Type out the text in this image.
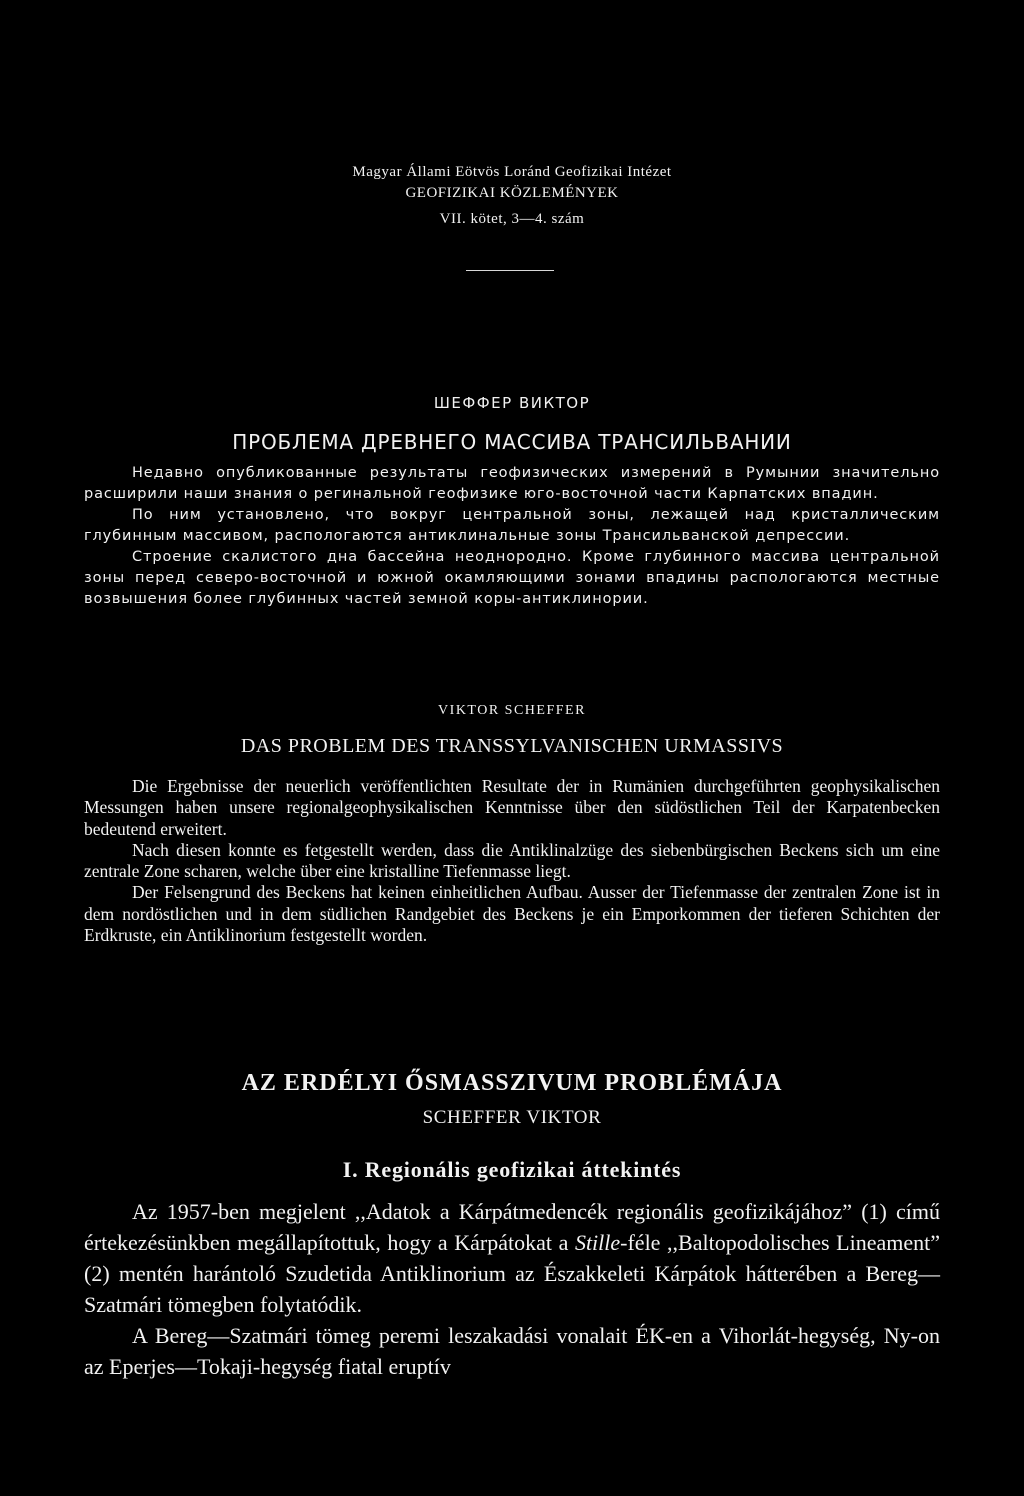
Magyar Állami Eötvös Loránd Geofizikai Intézet
GEOFIZIKAI KÖZLEMÉNYEK
VII. kötet, 3—4. szám
ШЕФФЕР ВИКТОР
ПРОБЛЕМА ДРЕВНЕГО МАССИВА ТРАНСИЛЬВАНИИ

Недавно опубликованные результаты геофизических измерений в Румынии значительно расширили наши знания о регинальной геофизике юго-восточной части Карпатских впадин.

По ним установлено, что вокруг центральной зоны, лежащей над кристаллическим глубинным массивом, распологаются антиклинальные зоны Трансильванской депрессии.

Строение скалистого дна бассейна неоднородно. Кроме глубинного массива центральной зоны перед северо-восточной и южной окамляющими зонами впадины распологаются местные возвышения более глубинных частей земной коры-антиклинории.

VIKTOR SCHEFFER
DAS PROBLEM DES TRANSSYLVANISCHEN URMASSIVS

Die Ergebnisse der neuerlich veröffentlichten Resultate der in Rumänien durchgeführten geophysikalischen Messungen haben unsere regionalgeophysikalischen Kenntnisse über den südöstlichen Teil der Karpatenbecken bedeutend erweitert.

Nach diesen konnte es fetgestellt werden, dass die Antiklinalzüge des siebenbürgischen Beckens sich um eine zentrale Zone scharen, welche über eine kristalline Tiefenmasse liegt.

Der Felsengrund des Beckens hat keinen einheitlichen Aufbau. Ausser der Tiefenmasse der zentralen Zone ist in dem nordöstlichen und in dem südlichen Randgebiet des Beckens je ein Emporkommen der tieferen Schichten der Erdkruste, ein Antiklinorium festgestellt worden.

AZ ERDÉLYI ŐSMASSZIVUM PROBLÉMÁJA
SCHEFFER VIKTOR
I. Regionális geofizikai áttekintés

Az 1957-ben megjelent ,,Adatok a Kárpátmedencék regionális geofizikájához” (1) című értekezésünkben megállapítottuk, hogy a Kárpátokat a Stille-féle ,,Baltopodolisches Lineament” (2) mentén harántoló Szudetida Antiklinorium az Északkeleti Kárpátok hátterében a Bereg—Szatmári tömegben folytatódik.

A Bereg—Szatmári tömeg peremi leszakadási vonalait ÉK-en a Vihorlát-hegység, Ny-on az Eperjes—Tokaji-hegység fiatal eruptív
